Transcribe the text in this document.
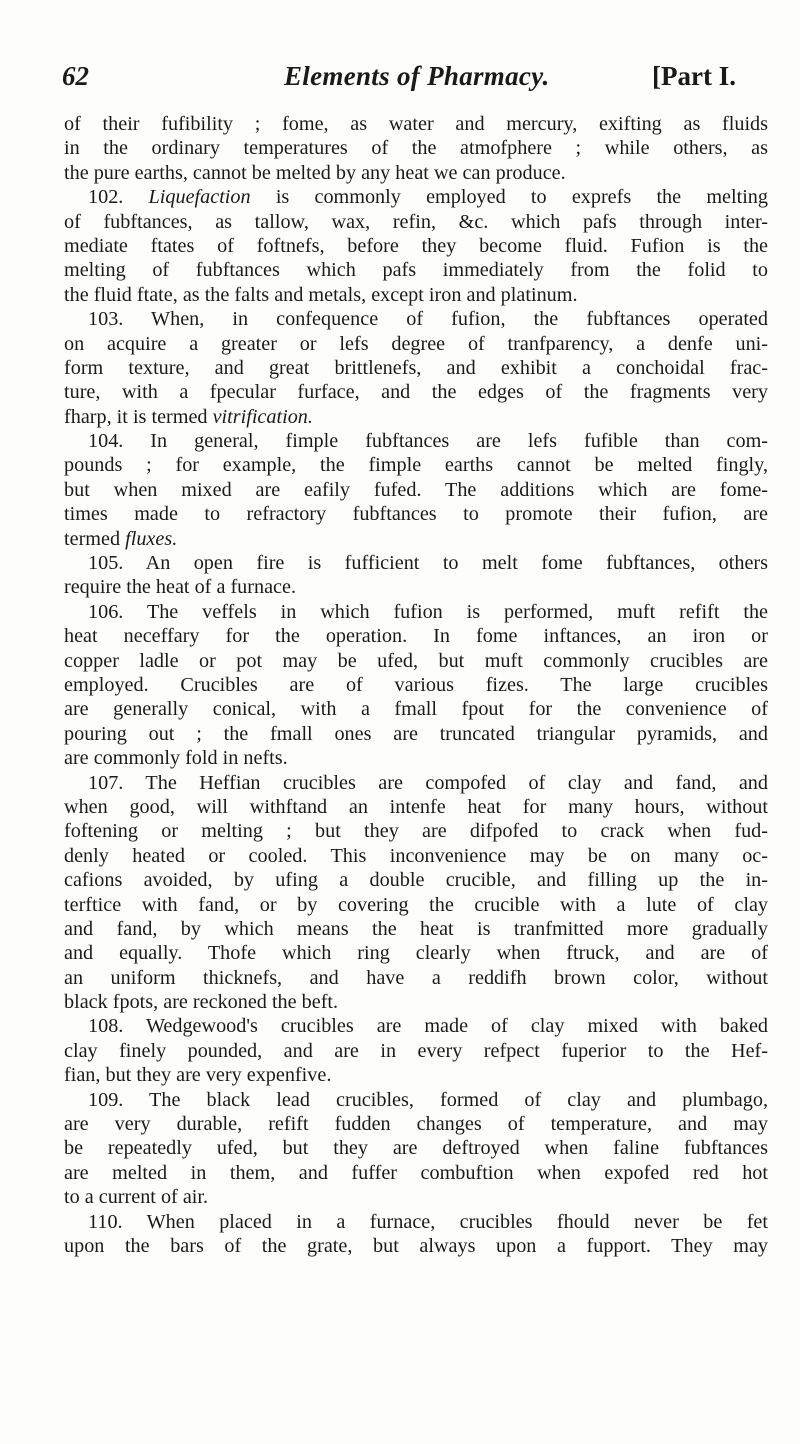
62	Elements of Pharmacy.	[Part I.
of their fufibility ; fome, as water and mercury, exifting as fluids
in the ordinary temperatures of the atmofphere ; while others, as
the pure earths, cannot be melted by any heat we can produce.
102. Liquefaction is commonly employed to exprefs the melting
of fubftances, as tallow, wax, refin, &c. which pafs through inter-
mediate ftates of foftnefs, before they become fluid. Fufion is the
melting of fubftances which pafs immediately from the folid to
the fluid ftate, as the falts and metals, except iron and platinum.
103. When, in confequence of fufion, the fubftances operated
on acquire a greater or lefs degree of tranfparency, a denfe uni-
form texture, and great brittlenefs, and exhibit a conchoidal frac-
ture, with a fpecular furface, and the edges of the fragments very
fharp, it is termed vitrification.
104. In general, fimple fubftances are lefs fufible than com-
pounds ; for example, the fimple earths cannot be melted fingly,
but when mixed are eafily fufed. The additions which are fome-
times made to refractory fubftances to promote their fufion, are
termed fluxes.
105. An open fire is fufficient to melt fome fubftances, others
require the heat of a furnace.
106. The veffels in which fufion is performed, muft refift the
heat neceffary for the operation. In fome inftances, an iron or
copper ladle or pot may be ufed, but muft commonly crucibles are
employed. Crucibles are of various fizes. The large crucibles
are generally conical, with a fmall fpout for the convenience of
pouring out ; the fmall ones are truncated triangular pyramids, and
are commonly fold in nefts.
107. The Heffian crucibles are compofed of clay and fand, and
when good, will withftand an intenfe heat for many hours, without
foftening or melting ; but they are difpofed to crack when fud-
denly heated or cooled. This inconvenience may be on many oc-
cafions avoided, by ufing a double crucible, and filling up the in-
terftice with fand, or by covering the crucible with a lute of clay
and fand, by which means the heat is tranfmitted more gradually
and equally. Thofe which ring clearly when ftruck, and are of
an uniform thicknefs, and have a reddifh brown color, without
black fpots, are reckoned the beft.
108. Wedgewood's crucibles are made of clay mixed with baked
clay finely pounded, and are in every refpect fuperior to the Hef-
fian, but they are very expenfive.
109. The black lead crucibles, formed of clay and plumbago,
are very durable, refift fudden changes of temperature, and may
be repeatedly ufed, but they are deftroyed when faline fubftances
are melted in them, and fuffer combuftion when expofed red hot
to a current of air.
110. When placed in a furnace, crucibles fhould never be fet
upon the bars of the grate, but always upon a fupport. They may
